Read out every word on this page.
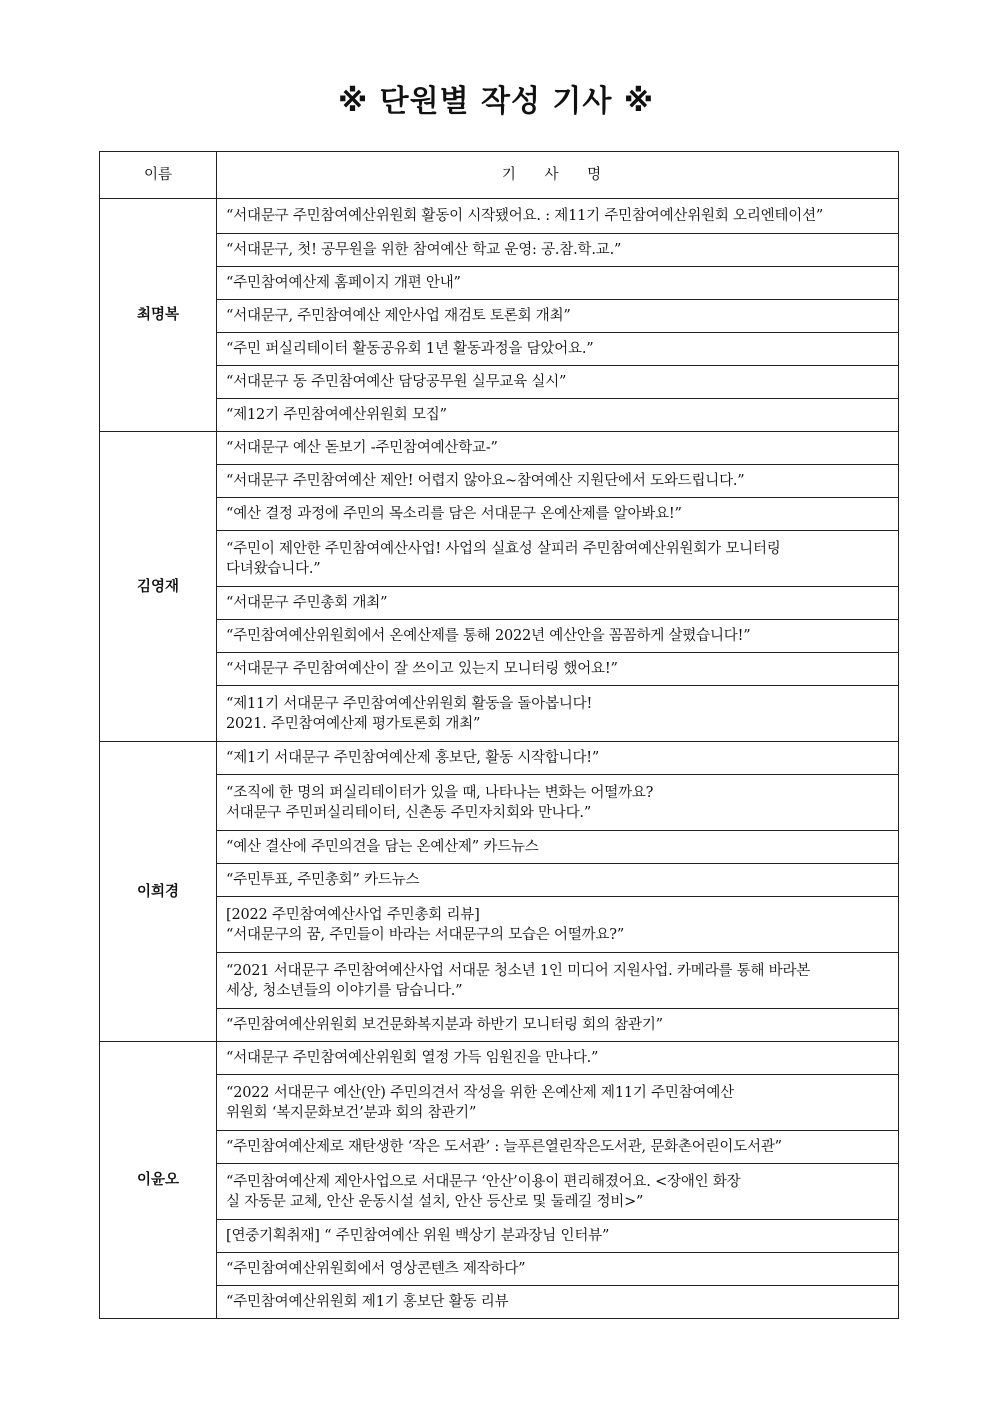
※ 단원별 작성 기사 ※
이름	기 사 명
최명복	“서대문구 주민참여예산위원회 활동이 시작됐어요. : 제11기 주민참여예산위원회 오리엔테이션”
	“서대문구, 첫! 공무원을 위한 참여예산 학교 운영: 공.참.학.교.”
	“주민참여예산제 홈페이지 개편 안내”
	“서대문구, 주민참여예산 제안사업 재검토 토론회 개최”
	“주민 퍼실리테이터 활동공유회 1년 활동과정을 담았어요.”
	“서대문구 동 주민참여예산 담당공무원 실무교육 실시”
	“제12기 주민참여예산위원회 모집”
김영재	“서대문구 예산 돋보기 -주민참여예산학교-”
	“서대문구 주민참여예산 제안! 어렵지 않아요~참여예산 지원단에서 도와드립니다.”
	“예산 결정 과정에 주민의 목소리를 담은 서대문구 온예산제를 알아봐요!”
	“주민이 제안한 주민참여예산사업! 사업의 실효성 살피러 주민참여예산위원회가 모니터링
다녀왔습니다.”
	“서대문구 주민총회 개최”
	“주민참여예산위원회에서 온예산제를 통해 2022년 예산안을 꼼꼼하게 살폈습니다!”
	“서대문구 주민참여예산이 잘 쓰이고 있는지 모니터링 했어요!”
	“제11기 서대문구 주민참여예산위원회 활동을 돌아봅니다!
2021. 주민참여예산제 평가토론회 개최”
이희경	“제1기 서대문구 주민참여예산제 홍보단, 활동 시작합니다!”
	“조직에 한 명의 퍼실리테이터가 있을 때, 나타나는 변화는 어떨까요?
서대문구 주민퍼실리테이터, 신촌동 주민자치회와 만나다.”
	“예산 결산에 주민의견을 담는 온예산제” 카드뉴스
	“주민투표, 주민총회” 카드뉴스
	[2022 주민참여예산사업 주민총회 리뷰]
“서대문구의 꿈, 주민들이 바라는 서대문구의 모습은 어떨까요?”
	“2021 서대문구 주민참여예산사업 서대문 청소년 1인 미디어 지원사업. 카메라를 통해 바라본
세상, 청소년들의 이야기를 담습니다.”
	“주민참여예산위원회 보건문화복지분과 하반기 모니터링 회의 참관기”
이윤오	“서대문구 주민참여예산위원회 열정 가득 임원진을 만나다.”
	“2022 서대문구 예산(안) 주민의견서 작성을 위한 온예산제 제11기 주민참여예산
위원회 ‘복지문화보건’분과 회의 참관기”
	“주민참여예산제로 재탄생한 ‘작은 도서관’ : 늘푸른열린작은도서관, 문화촌어린이도서관”
	“주민참여예산제 제안사업으로 서대문구 ‘안산’이용이 편리해졌어요. <장애인 화장
실 자동문 교체, 안산 운동시설 설치, 안산 등산로 및 둘레길 정비>”
	[연중기획취재] “ 주민참여예산 위원 백상기 분과장님 인터뷰”
	“주민참여예산위원회에서 영상콘텐츠 제작하다”
	“주민참여예산위원회 제1기 홍보단 활동 리뷰
